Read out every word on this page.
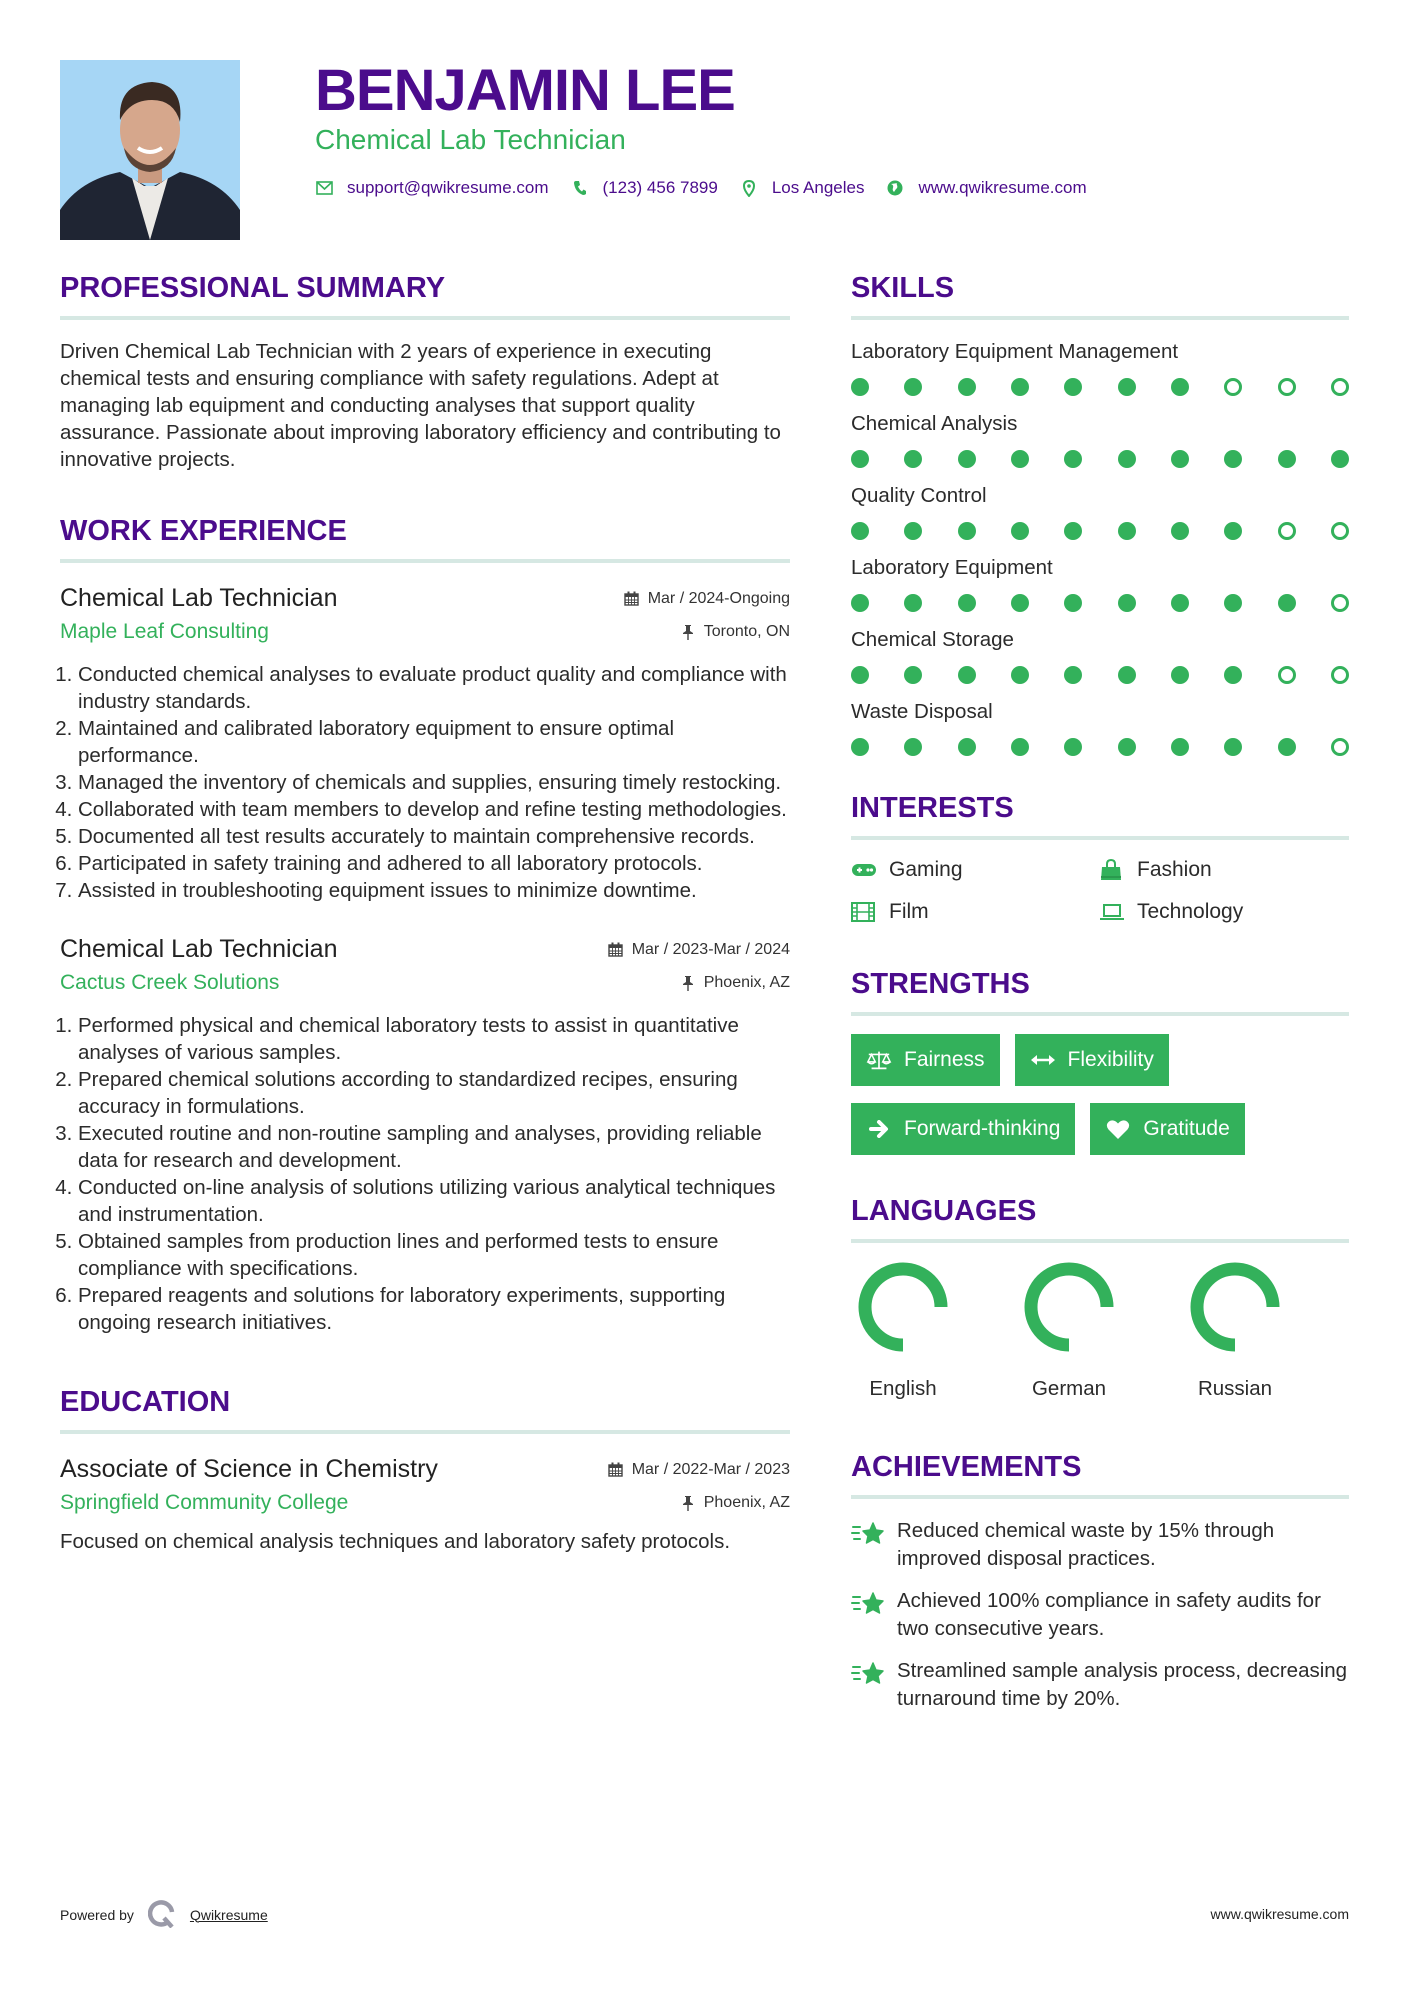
BENJAMIN LEE
Chemical Lab Technician
support@qwikresume.com	(123) 456 7899	Los Angeles	www.qwikresume.com
PROFESSIONAL SUMMARY

Driven Chemical Lab Technician with 2 years of experience in executing chemical tests and ensuring compliance with safety regulations. Adept at managing lab equipment and conducting analyses that support quality assurance. Passionate about improving laboratory efficiency and contributing to innovative projects.

WORK EXPERIENCE
Chemical Lab Technician	Mar / 2024-Ongoing
Maple Leaf Consulting	Toronto, ON
1. Conducted chemical analyses to evaluate product quality and compliance with industry standards.
2. Maintained and calibrated laboratory equipment to ensure optimal performance.
3. Managed the inventory of chemicals and supplies, ensuring timely restocking.
4. Collaborated with team members to develop and refine testing methodologies.
5. Documented all test results accurately to maintain comprehensive records.
6. Participated in safety training and adhered to all laboratory protocols.
7. Assisted in troubleshooting equipment issues to minimize downtime.
Chemical Lab Technician	Mar / 2023-Mar / 2024
Cactus Creek Solutions	Phoenix, AZ
1. Performed physical and chemical laboratory tests to assist in quantitative analyses of various samples.
2. Prepared chemical solutions according to standardized recipes, ensuring accuracy in formulations.
3. Executed routine and non-routine sampling and analyses, providing reliable data for research and development.
4. Conducted on-line analysis of solutions utilizing various analytical techniques and instrumentation.
5. Obtained samples from production lines and performed tests to ensure compliance with specifications.
6. Prepared reagents and solutions for laboratory experiments, supporting ongoing research initiatives.
EDUCATION
Associate of Science in Chemistry	Mar / 2022-Mar / 2023
Springfield Community College	Phoenix, AZ

Focused on chemical analysis techniques and laboratory safety protocols.

SKILLS
Laboratory Equipment Management
Chemical Analysis
Quality Control
Laboratory Equipment
Chemical Storage
Waste Disposal
INTERESTS
Gaming	Fashion
Film	Technology
STRENGTHS
Fairness	Flexibility
Forward-thinking	Gratitude
LANGUAGES
English	German	Russian
ACHIEVEMENTS
Reduced chemical waste by 15% through improved disposal practices.
Achieved 100% compliance in safety audits for two consecutive years.
Streamlined sample analysis process, decreasing turnaround time by 20%.
Powered by	Qwikresume	www.qwikresume.com
